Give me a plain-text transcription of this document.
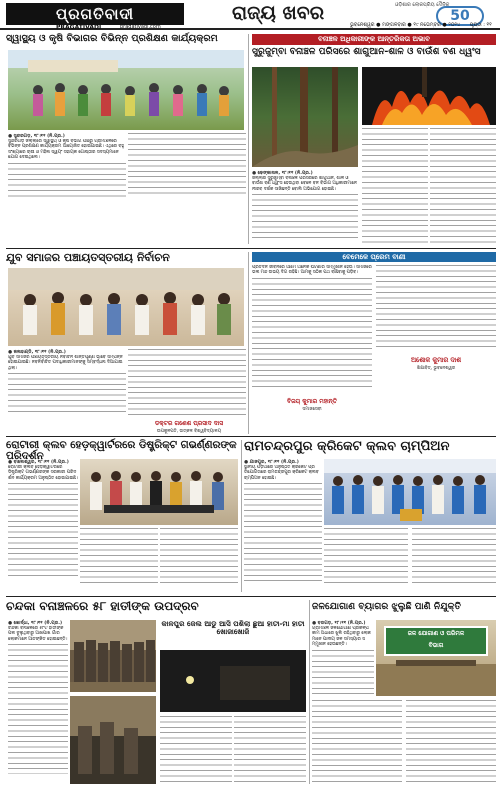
ପ୍ରଗତିବାଦୀ
PRAGATIVADI	pragativadi.com
ରାଜ୍ୟ ଖବର	ଓଡ଼ିଶାର ଲୋକପ୍ରିୟ ଦୈନିକ
50
ଭୁବନେଶ୍ୱର ● ମଙ୍ଗଳବାର ● ୧୯ ନଭେମ୍ବର ● ୨୦୨୪ ପୃଷ୍ଠା : ୧୧
ସ୍ୱାସ୍ଥ୍ୟ ଓ କୃଷି ବିଭାଗର ବିଭିନ୍ନ ପ୍ରଶିକ୍ଷଣ କାର୍ଯ୍ୟକ୍ରମ
● ସୁନ୍ଦରଗଡ଼, ୧୮।୧୧ (ନି.ପ୍ର.)
ସୁନ୍ଦରଗଡ଼ ଜିଲ୍ଲାରେ ସ୍ୱାସ୍ଥ୍ୟ ଓ କୃଷି ବିଭାଗ ପକ୍ଷରୁ ଗ୍ରାମାଞ୍ଚଳରେ ବିଭିନ୍ନ ପ୍ରଶିକ୍ଷଣ କାର୍ଯ୍ୟକ୍ରମ ଆୟୋଜିତ ହୋଇଯାଇଛି। ଏଥିରେ ବହୁ ସଂଖ୍ୟାରେ ଚାଷୀ ଓ ମହିଳା ସ୍ୱୟଂ ସହାୟକ ଗୋଷ୍ଠୀର ସଦସ୍ୟମାନେ ଯୋଗ ଦେଇଥିଲେ।
ବନାଞ୍ଚଳ ଅଧିକାରୀଙ୍କ ଆନ୍ତରିକତା ଅଭାବ
ସୁରୁଜୁମ୍ବା ବନାଞ୍ଚଳ ପରିସରେ ଶାଗୁଆନ-ଶାଳ ଓ ବାଉଁଶ ବଣ ଧ୍ୱଂସ
● ଢେଙ୍କାନାଳ, ୧୮।୧୧ (ନି.ପ୍ର.)
ଜିଲ୍ଲାର ସୁରୁଜୁମ୍ବା ବନାଞ୍ଚଳ ପରିସରରେ ଶାଗୁଆନ, ଶାଳ ଓ ବାଉଁଶ ବଣ ଧ୍ୱଂସ ହେଉଥିବା ବେଳେ ବନ ବିଭାଗ ଅଧିକାରୀମାନେ ନୀରବ ଦର୍ଶକ ସାଜିଛନ୍ତି ବୋଲି ଅଭିଯୋଗ ହୋଇଛି।
ଯୁବ ସମାଜର ପଞ୍ଚାୟତସ୍ତରୀୟ ନିର୍ବାଚନ
● କଳାହାଣ୍ଡି, ୧୮।୧୧ (ନି.ପ୍ର.)
ଯୁବ ସମାଜର ପଞ୍ଚାୟତସ୍ତରୀୟ ନିର୍ବାଚନ ଶାନ୍ତିପୂର୍ଣ୍ଣ ଭାବେ ସମ୍ପନ୍ନ ହୋଇଯାଇଛି। ନବନିର୍ବାଚିତ ପଦାଧିକାରୀମାନଙ୍କୁ ସମ୍ବର୍ଦ୍ଧନା ଦିଆଯାଇଥିଲା।
ବେମେଳେ ପ୍ରେମ ବାଣୀ
ପ୍ରତିଦିନ ଜୀବନରେ ଆମେ ଅନେକ ଘଟଣାର ସମ୍ମୁଖୀନ ହେଉ। ସମାଜରେ ଭଲ ମନ୍ଦ ଉଭୟ ଦିଗ ରହିଛି। ଆମକୁ ସଠିକ ପଥ ବାଛିବାକୁ ପଡ଼ିବ।
ଅଶୋକ କୁମାର ଦାଶ
ଶିକ୍ଷାବିତ୍, ଭୁବନେଶ୍ୱର
ଡକ୍ଟର ଗଣେଶ ପ୍ରସାଦ ଦାସ
ଉପକୁଳପତି, ଉତ୍କଳ ବିଶ୍ୱବିଦ୍ୟାଳୟ
ବିଜୟ କୁମାର ମହାନ୍ତି
ସମାଜସେବୀ
ରୋଟାରୀ କ୍ଲବ ହେଡ଼କ୍ୱାର୍ଟରରେ ଡିଷ୍ଟ୍ରିକ୍ଟ ଗଭର୍ଣ୍ଣରଙ୍କ ପରିଦର୍ଶନ
● ବାଲେଶ୍ୱର, ୧୮।୧୧ (ନି.ପ୍ର.)
ରୋଟାରୀ କ୍ଲବ ହେଡ଼କ୍ୱାର୍ଟରରେ ଡିଷ୍ଟ୍ରିକ୍ଟ ଗଭର୍ଣ୍ଣରଙ୍କ ସରକାରୀ ପରିଦର୍ଶନ କାର୍ଯ୍ୟକ୍ରମ ଅନୁଷ୍ଠିତ ହୋଇଯାଇଛି।
ରାମଚନ୍ଦ୍ରପୁର କ୍ରିକେଟ କ୍ଲବ ଚାମ୍ପିଅନ
● ଯାଜପୁର, ୧୮।୧୧ (ନି.ପ୍ର.)
ସ୍ଥାନୀୟ ପଡ଼ିଆରେ ଅନୁଷ୍ଠିତ କ୍ରିକେଟ ପ୍ରତିଯୋଗିତାରେ ରାମଚନ୍ଦ୍ରପୁର କ୍ରିକେଟ କ୍ଲବ ଚାମ୍ପିଅନ ହୋଇଛି।
ଚନ୍ଦକା ବନାଞ୍ଚଳରେ ୫୮ ହାତୀଙ୍କ ଉପଦ୍ରବ
● ଖୋର୍ଦ୍ଧା, ୧୮।୧୧ (ନି.ପ୍ର.)
ଚନ୍ଦକା ବନାଞ୍ଚଳରେ ୫୮ଟି ହାତୀଙ୍କ ପଲ ବୁଲୁଥିବାରୁ ଆଖପାଖ ଗାଁର ଲୋକମାନେ ଆତଙ୍କିତ ହୋଇଛନ୍ତି।
କାଳପୁର ଜେଲ ଆଡୁ ଆସି ପଶିଲା ଛୁଆ ହାତୀ-ମା ହାତୀ ଖୋଜାଖୋଜି
ଜଳଯୋଗାଣ ବ୍ୟାଗର ଝୁଲୁଛି ପାଣି ନିଯୁକ୍ତି
● ବରଗଡ଼, ୧୮।୧୧ (ନି.ପ୍ର.)
ଗ୍ରାମାଞ୍ଚଳ ଜଳଯୋଗାଣ ପ୍ରକଳ୍ପ କାମ ଅଧାରେ ଝୁଲି ରହିଥିବାରୁ ଲୋକମାନେ ପାନୀୟ ଜଳ ସମସ୍ୟାର ସମ୍ମୁଖୀନ ହେଉଛନ୍ତି।
ଜଳ ଯୋଗାଣ ଓ ପରିମଳ
ବିଭାଗ
